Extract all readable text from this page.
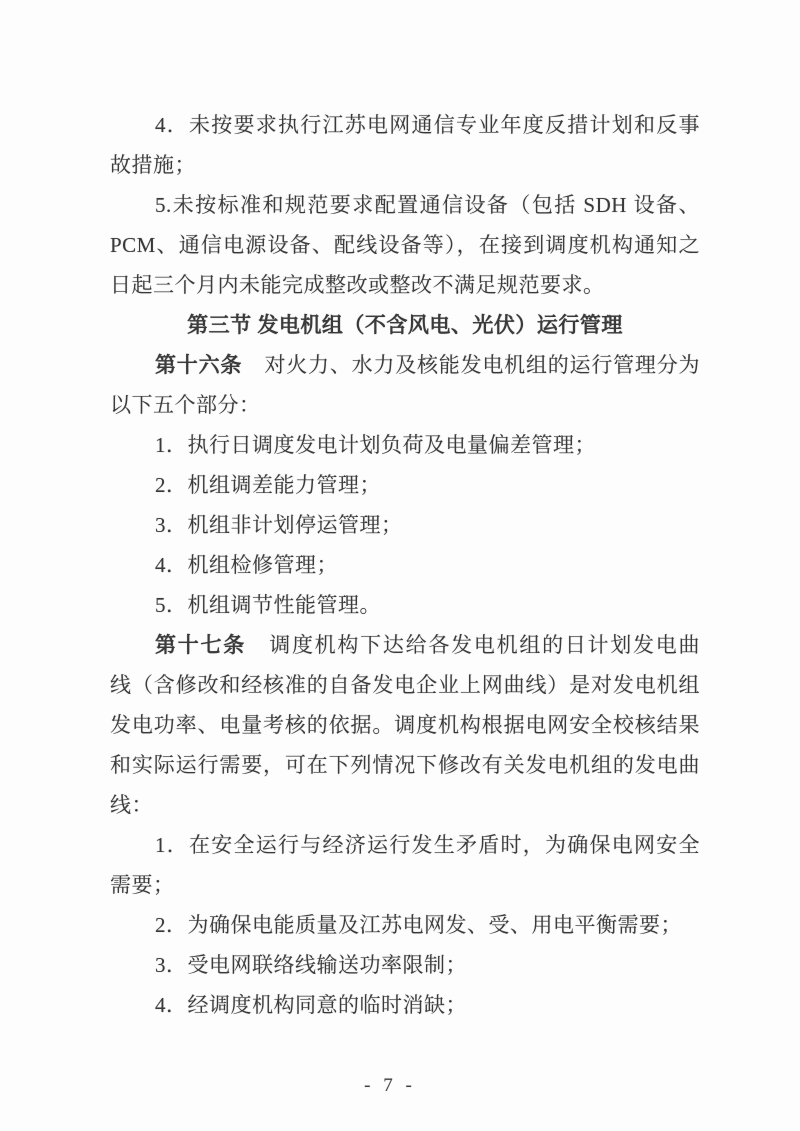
4．未按要求执行江苏电网通信专业年度反措计划和反事
故措施；
5.未按标准和规范要求配置通信设备（包括 SDH 设备、
PCM、通信电源设备、配线设备等），在接到调度机构通知之
日起三个月内未能完成整改或整改不满足规范要求。
第三节 发电机组（不含风电、光伏）运行管理
第十六条 对火力、水力及核能发电机组的运行管理分为
以下五个部分：
1．执行日调度发电计划负荷及电量偏差管理；
2．机组调差能力管理；
3．机组非计划停运管理；
4．机组检修管理；
5．机组调节性能管理。
第十七条 调度机构下达给各发电机组的日计划发电曲
线（含修改和经核准的自备发电企业上网曲线）是对发电机组
发电功率、电量考核的依据。调度机构根据电网安全校核结果
和实际运行需要，可在下列情况下修改有关发电机组的发电曲
线：
1．在安全运行与经济运行发生矛盾时，为确保电网安全
需要；
2．为确保电能质量及江苏电网发、受、用电平衡需要；
3．受电网联络线输送功率限制；
4．经调度机构同意的临时消缺；
- 7 -
